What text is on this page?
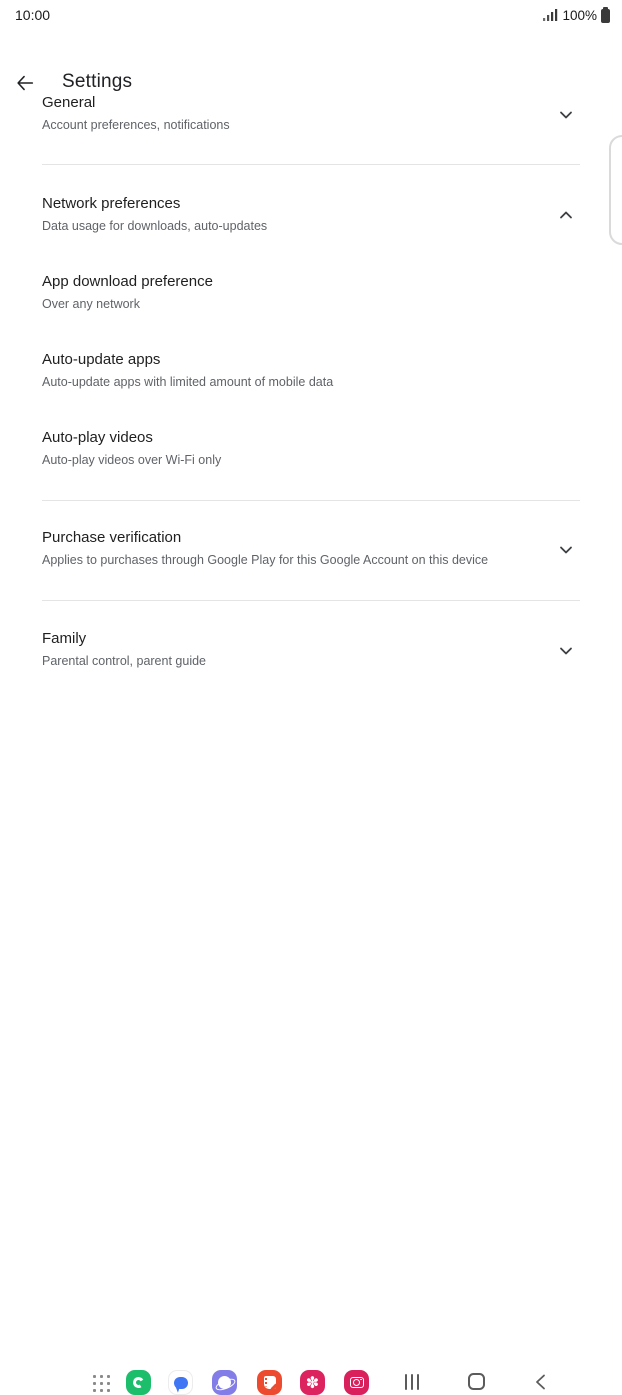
10:00	100%
Settings
General
Account preferences, notifications
Network preferences
Data usage for downloads, auto-updates
App download preference
Over any network
Auto-update apps
Auto-update apps with limited amount of mobile data
Auto-play videos
Auto-play videos over Wi-Fi only
Purchase verification
Applies to purchases through Google Play for this Google Account on this device
Family
Parental control, parent guide
✽
